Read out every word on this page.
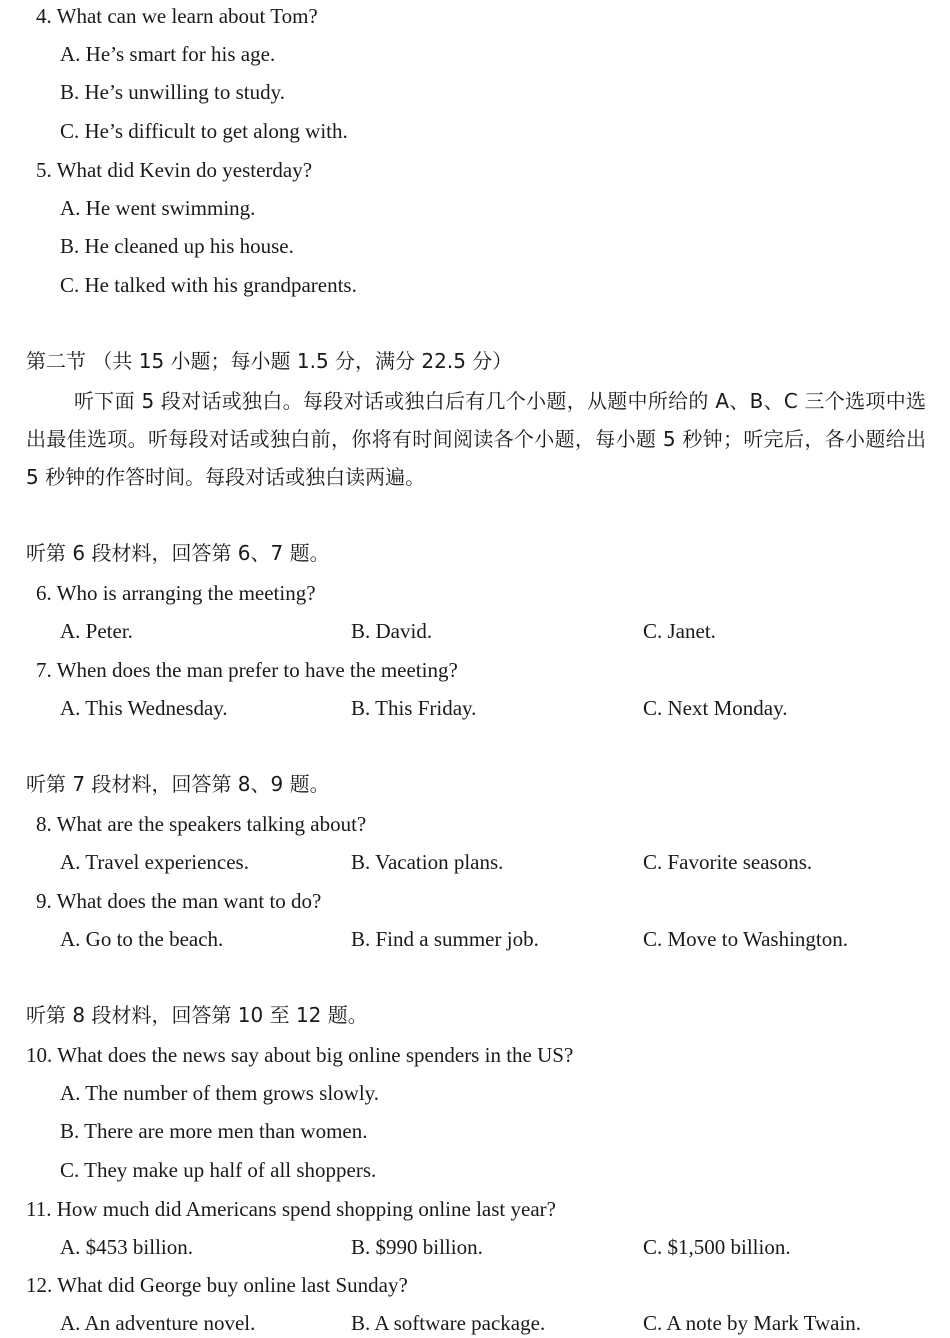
4. What can we learn about Tom?
A. He’s smart for his age.
B. He’s unwilling to study.
C. He’s difficult to get along with.
5. What did Kevin do yesterday?
A. He went swimming.
B. He cleaned up his house.
C. He talked with his grandparents.
第二节 （共 15 小题；每小题 1.5 分，满分 22.5 分）
听下面 5 段对话或独白。每段对话或独白后有几个小题，从题中所给的 A、B、C 三个选项中选出最佳选项。听每段对话或独白前，你将有时间阅读各个小题，每小题 5 秒钟；听完后，各小题给出 5 秒钟的作答时间。每段对话或独白读两遍。
听第 6 段材料，回答第 6、7 题。
6. Who is arranging the meeting?
A. Peter.	B. David.	C. Janet.
7. When does the man prefer to have the meeting?
A. This Wednesday.	B. This Friday.	C. Next Monday.
听第 7 段材料，回答第 8、9 题。
8. What are the speakers talking about?
A. Travel experiences.	B. Vacation plans.	C. Favorite seasons.
9. What does the man want to do?
A. Go to the beach.	B. Find a summer job.	C. Move to Washington.
听第 8 段材料，回答第 10 至 12 题。
10. What does the news say about big online spenders in the US?
A. The number of them grows slowly.
B. There are more men than women.
C. They make up half of all shoppers.
11. How much did Americans spend shopping online last year?
A. $453 billion.	B. $990 billion.	C. $1,500 billion.
12. What did George buy online last Sunday?
A. An adventure novel.	B. A software package.	C. A note by Mark Twain.
